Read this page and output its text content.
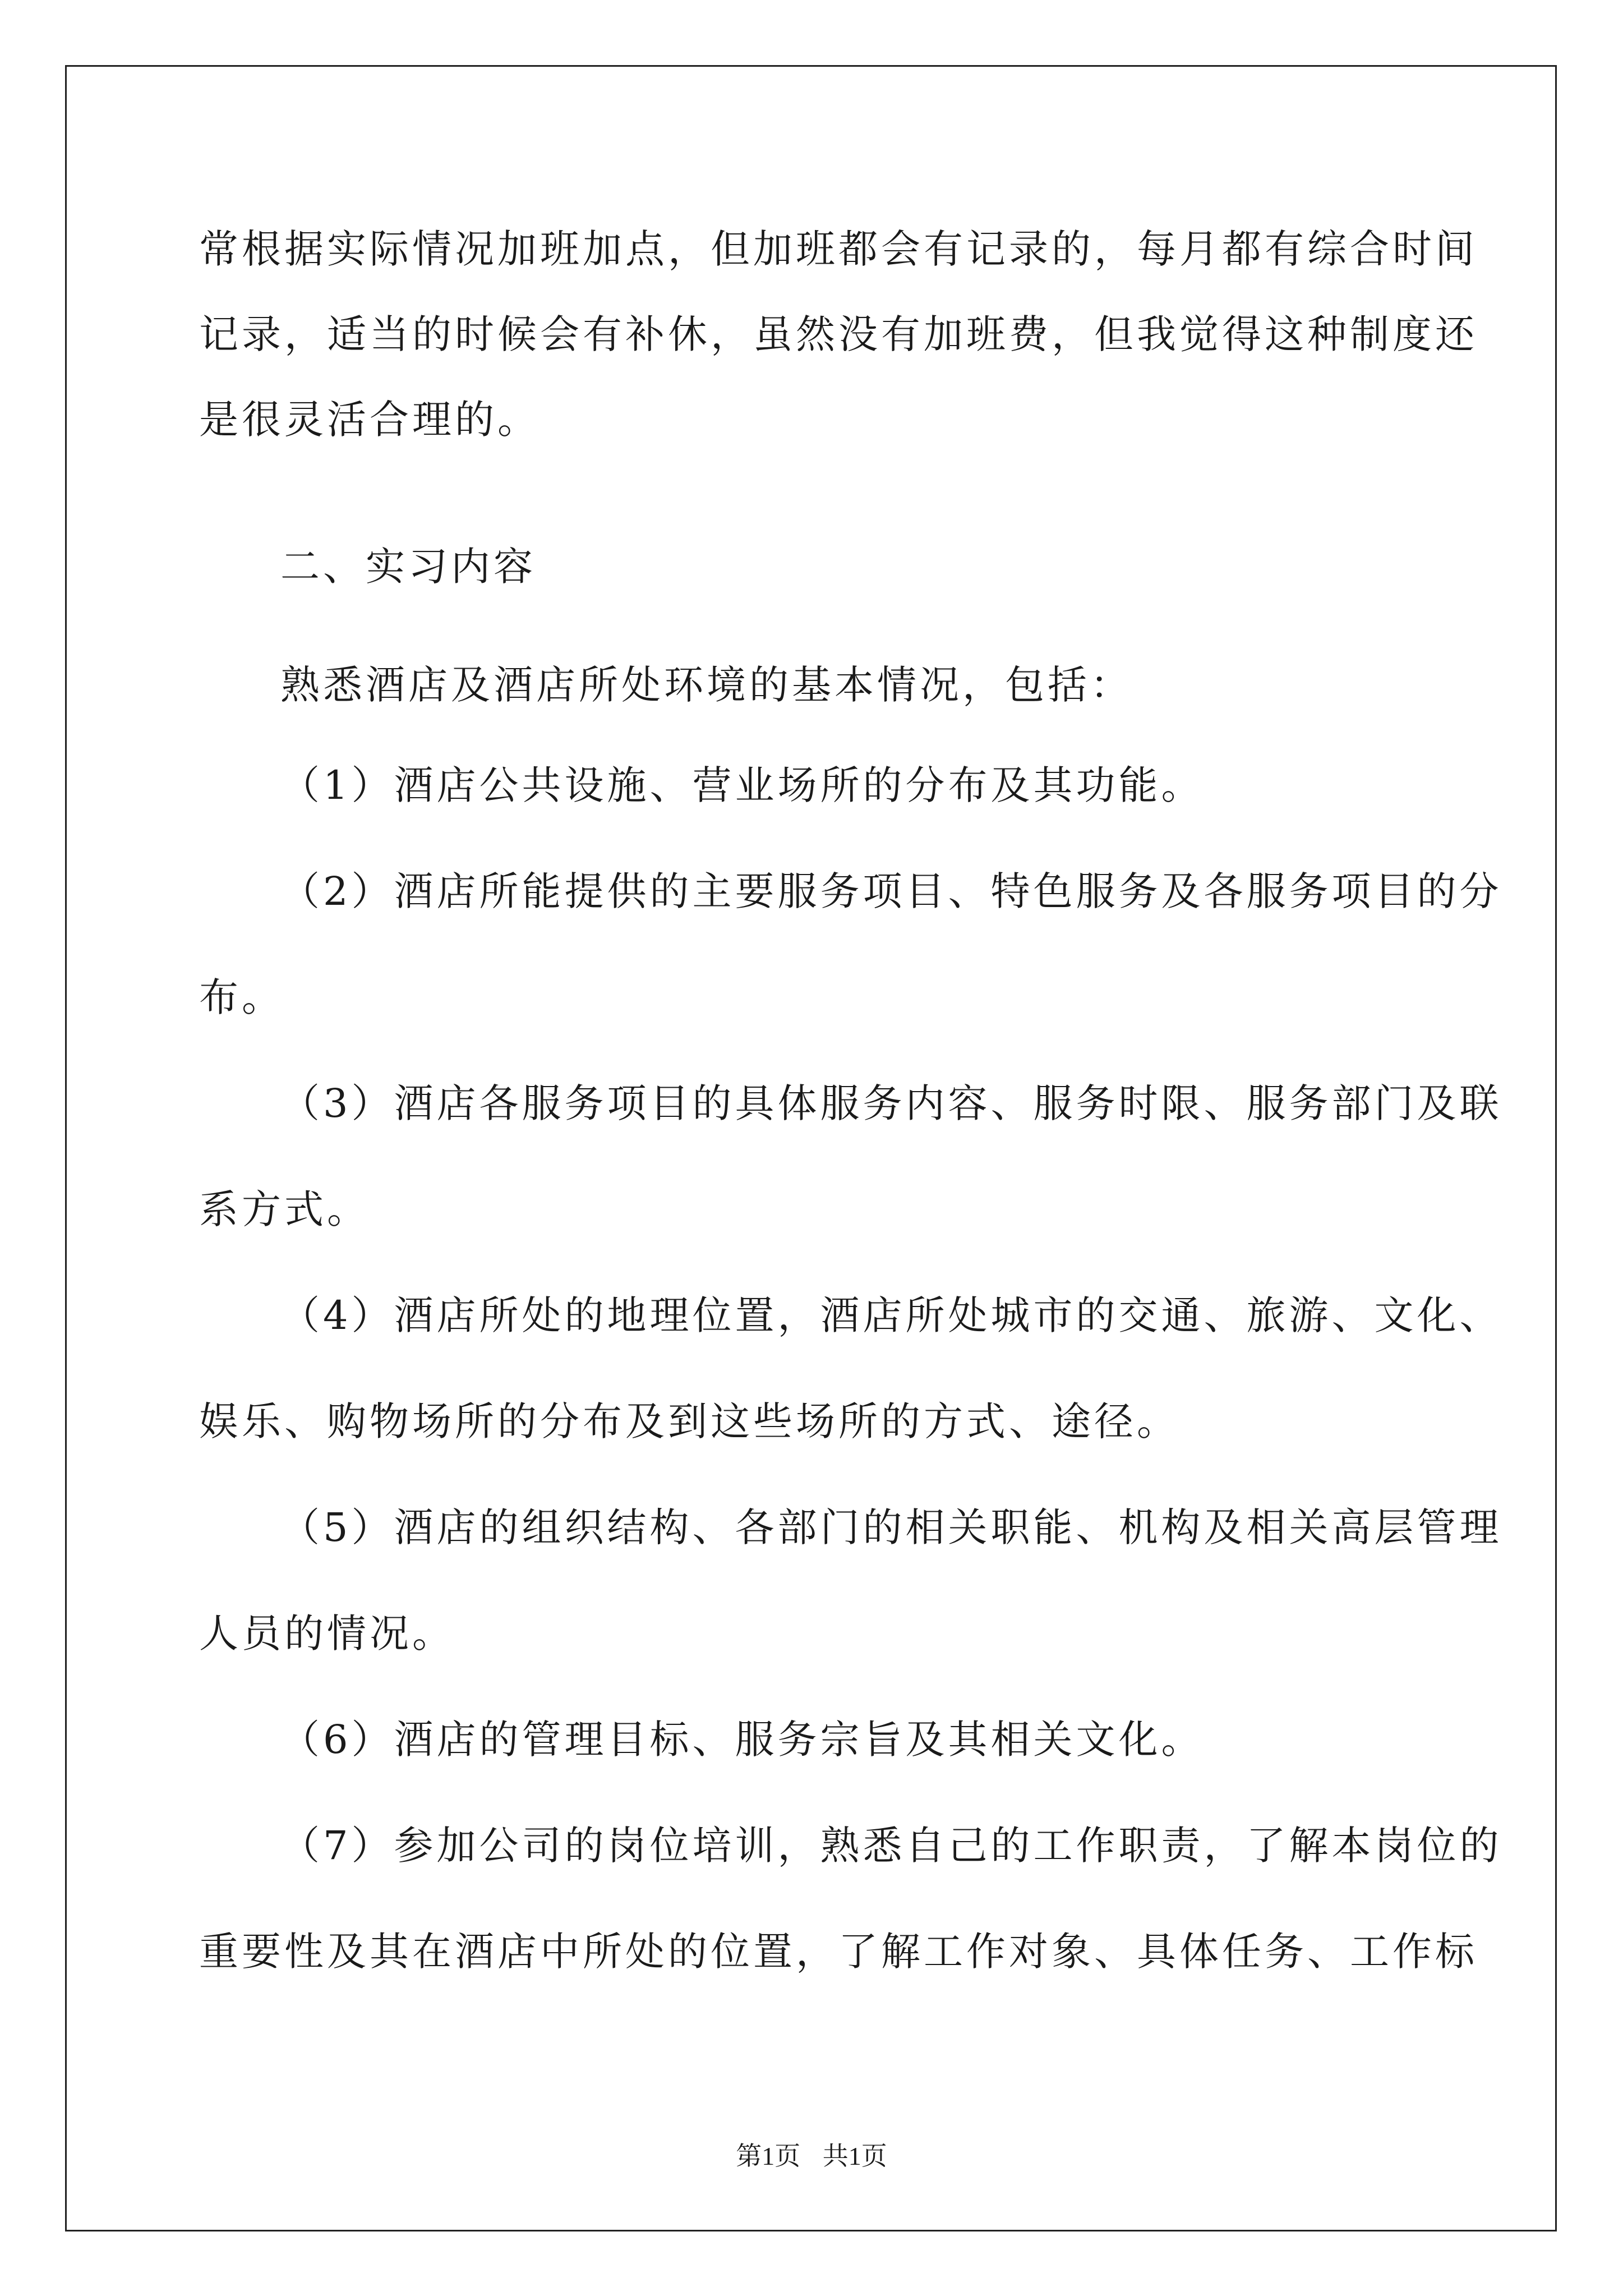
常根据实际情况加班加点，但加班都会有记录的，每月都有综合时间
记录，适当的时候会有补休，虽然没有加班费，但我觉得这种制度还
是很灵活合理的。
二、实习内容
熟悉酒店及酒店所处环境的基本情况，包括：
（1）酒店公共设施、营业场所的分布及其功能。
（2）酒店所能提供的主要服务项目、特色服务及各服务项目的分
布。
（3）酒店各服务项目的具体服务内容、服务时限、服务部门及联
系方式。
（4）酒店所处的地理位置，酒店所处城市的交通、旅游、文化、
娱乐、购物场所的分布及到这些场所的方式、途径。
（5）酒店的组织结构、各部门的相关职能、机构及相关高层管理
人员的情况。
（6）酒店的管理目标、服务宗旨及其相关文化。
（7）参加公司的岗位培训，熟悉自己的工作职责，了解本岗位的
重要性及其在酒店中所处的位置，了解工作对象、具体任务、工作标
第1页 共1页
